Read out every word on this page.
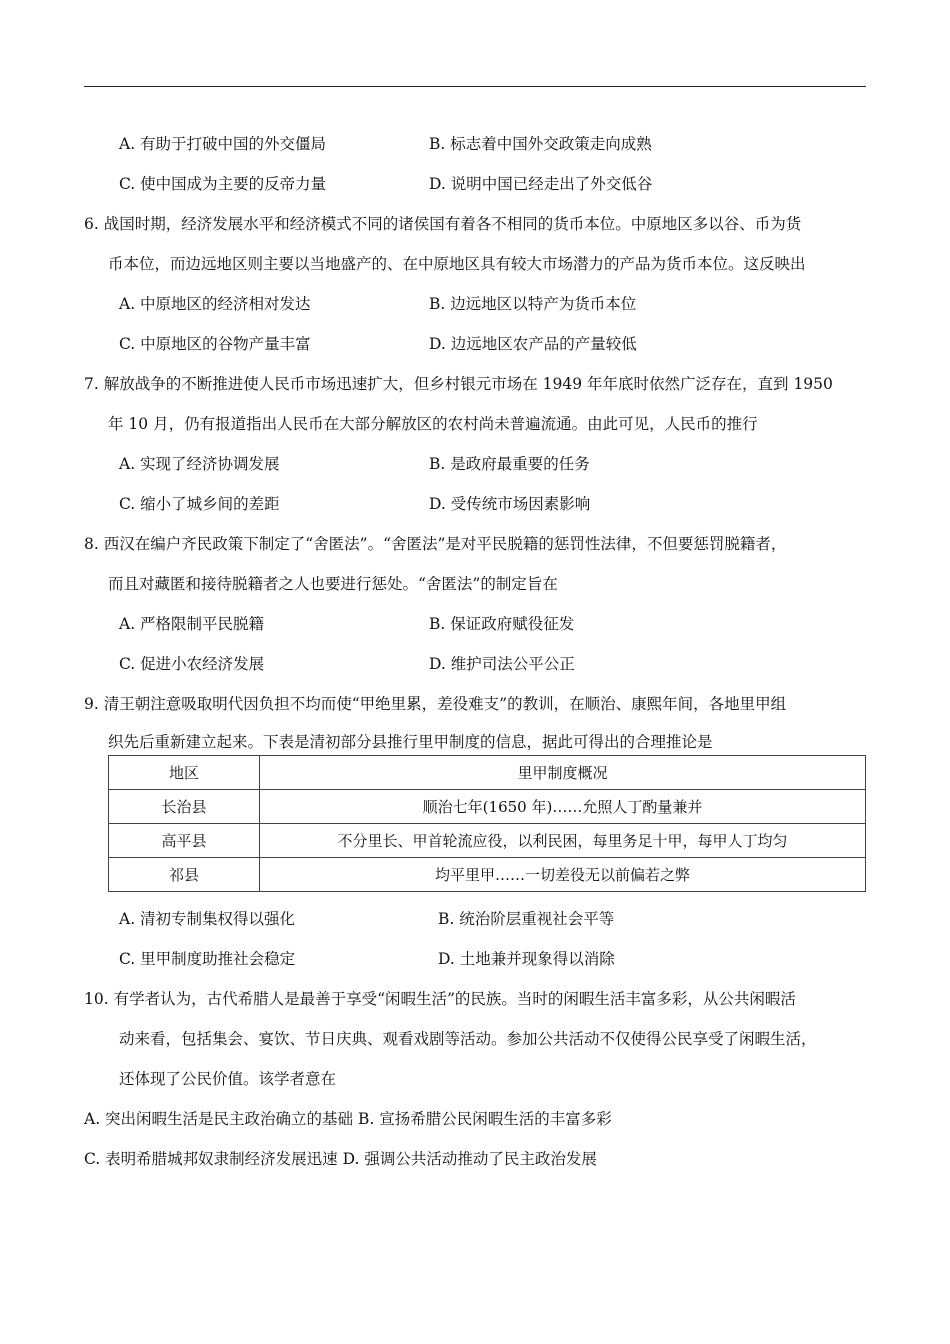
A. 有助于打破中国的外交僵局	B. 标志着中国外交政策走向成熟
C. 使中国成为主要的反帝力量	D. 说明中国已经走出了外交低谷
6. 战国时期，经济发展水平和经济模式不同的诸侯国有着各不相同的货币本位。中原地区多以谷、币为货
币本位，而边远地区则主要以当地盛产的、在中原地区具有较大市场潜力的产品为货币本位。这反映出
A. 中原地区的经济相对发达	B. 边远地区以特产为货币本位
C. 中原地区的谷物产量丰富	D. 边远地区农产品的产量较低
7. 解放战争的不断推进使人民币市场迅速扩大，但乡村银元市场在 1949 年年底时依然广泛存在，直到 1950
年 10 月，仍有报道指出人民币在大部分解放区的农村尚未普遍流通。由此可见，人民币的推行
A. 实现了经济协调发展	B. 是政府最重要的任务
C. 缩小了城乡间的差距	D. 受传统市场因素影响
8. 西汉在编户齐民政策下制定了“舍匿法”。“舍匿法”是对平民脱籍的惩罚性法律，不但要惩罚脱籍者，
而且对藏匿和接待脱籍者之人也要进行惩处。“舍匿法”的制定旨在
A. 严格限制平民脱籍	B. 保证政府赋役征发
C. 促进小农经济发展	D. 维护司法公平公正
9. 清王朝注意吸取明代因负担不均而使“甲绝里累，差役难支”的教训，在顺治、康熙年间，各地里甲组
织先后重新建立起来。下表是清初部分县推行里甲制度的信息，据此可得出的合理推论是
地区	里甲制度概况
长治县	顺治七年(1650 年)……允照人丁酌量兼并
高平县	不分里长、甲首轮流应役，以利民困，每里务足十甲，每甲人丁均匀
祁县	均平里甲……一切差役无以前偏若之弊
A. 清初专制集权得以强化	B. 统治阶层重视社会平等
C. 里甲制度助推社会稳定	D. 土地兼并现象得以消除
10. 有学者认为，古代希腊人是最善于享受“闲暇生活”的民族。当时的闲暇生活丰富多彩，从公共闲暇活
动来看，包括集会、宴饮、节日庆典、观看戏剧等活动。参加公共活动不仅使得公民享受了闲暇生活，
还体现了公民价值。该学者意在
A. 突出闲暇生活是民主政治确立的基础 B. 宣扬希腊公民闲暇生活的丰富多彩
C. 表明希腊城邦奴隶制经济发展迅速 D. 强调公共活动推动了民主政治发展
